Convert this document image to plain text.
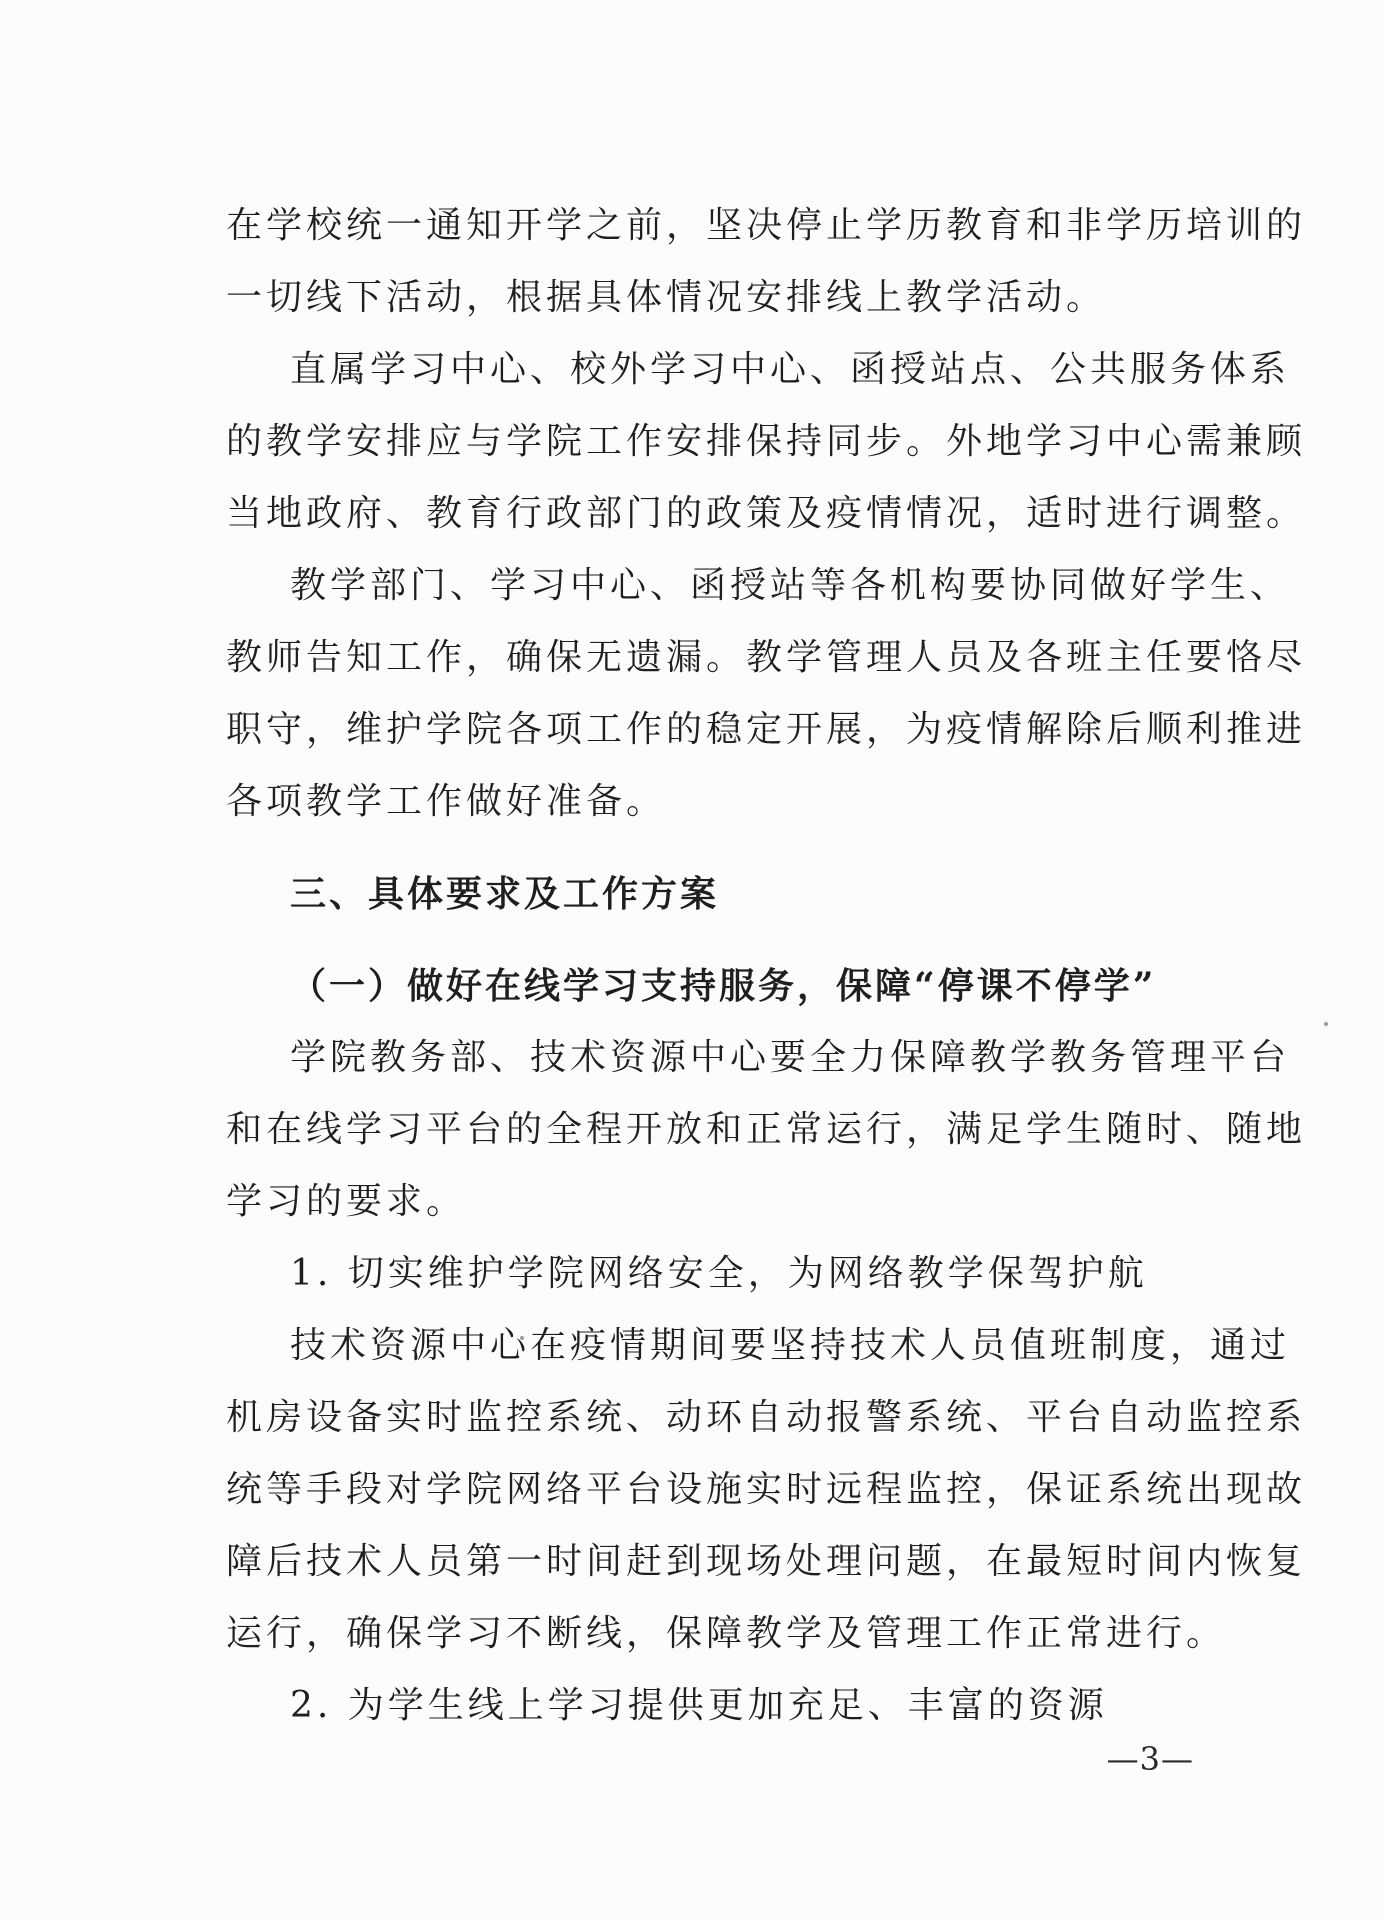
在学校统一通知开学之前，坚决停止学历教育和非学历培训的
一切线下活动，根据具体情况安排线上教学活动。
直属学习中心、校外学习中心、函授站点、公共服务体系
的教学安排应与学院工作安排保持同步。外地学习中心需兼顾
当地政府、教育行政部门的政策及疫情情况，适时进行调整。
教学部门、学习中心、函授站等各机构要协同做好学生、
教师告知工作，确保无遗漏。教学管理人员及各班主任要恪尽
职守，维护学院各项工作的稳定开展，为疫情解除后顺利推进
各项教学工作做好准备。
三、具体要求及工作方案
（一）做好在线学习支持服务，保障“停课不停学”
学院教务部、技术资源中心要全力保障教学教务管理平台
和在线学习平台的全程开放和正常运行，满足学生随时、随地
学习的要求。
1. 切实维护学院网络安全，为网络教学保驾护航
技术资源中心在疫情期间要坚持技术人员值班制度，通过
机房设备实时监控系统、动环自动报警系统、平台自动监控系
统等手段对学院网络平台设施实时远程监控，保证系统出现故
障后技术人员第一时间赶到现场处理问题，在最短时间内恢复
运行，确保学习不断线，保障教学及管理工作正常进行。
2. 为学生线上学习提供更加充足、丰富的资源
—3—
